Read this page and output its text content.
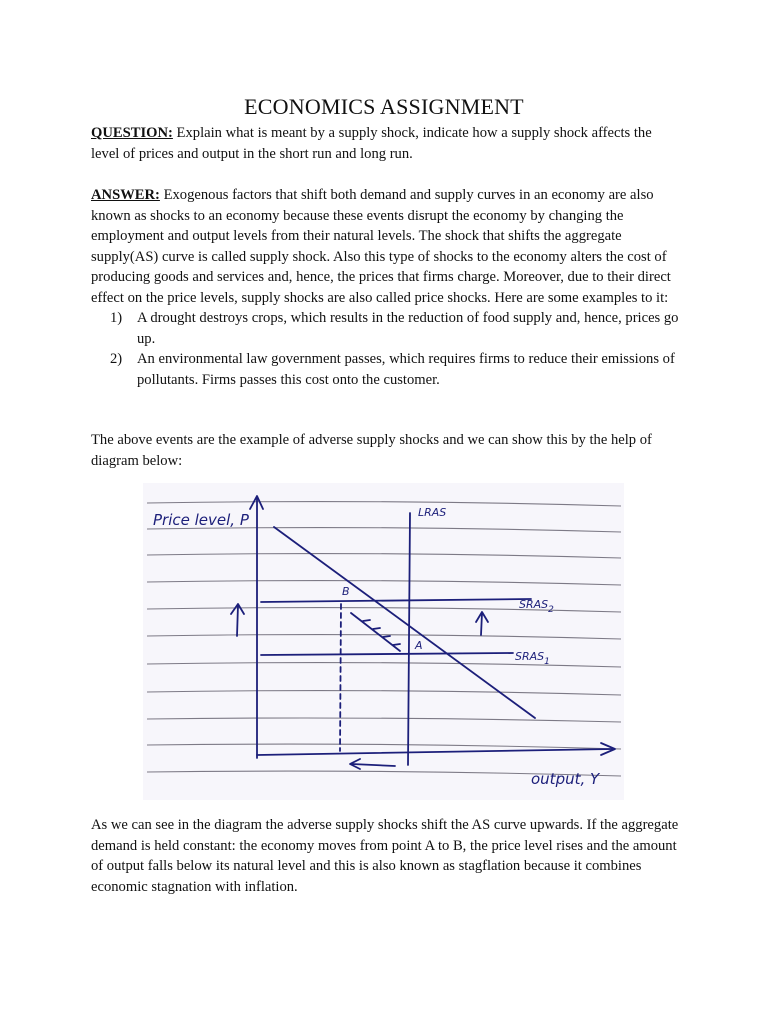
ECONOMICS ASSIGNMENT
QUESTION: Explain what is meant by a supply shock, indicate how a supply shock affects the level of prices and output in the short run and long run.
ANSWER: Exogenous factors that shift both demand and supply curves in an economy are also known as shocks to an economy because these events disrupt the economy by changing the employment and output levels from their natural levels. The shock that shifts the aggregate supply(AS) curve is called supply shock. Also this type of shocks to the economy alters the cost of producing goods and services and, hence, the prices that firms charge. Moreover, due to their direct effect on the price levels, supply shocks are also called price shocks. Here are some examples to it:
1) A drought destroys crops, which results in the reduction of food supply and, hence, prices go up.
2) An environmental law government passes, which requires firms to reduce their emissions of pollutants. Firms passes this cost onto the customer.
The above events are the example of adverse supply shocks and we can show this by the help of diagram below:
Price level, P	LRAS
$SRAS_2$
$SRAS_1$
B
A
output, Y
As we can see in the diagram the adverse supply shocks shift the AS curve upwards. If the aggregate demand is held constant: the economy moves from point A to B, the price level rises and the amount of output falls below its natural level and this is also known as stagflation because it combines economic stagnation with inflation.
